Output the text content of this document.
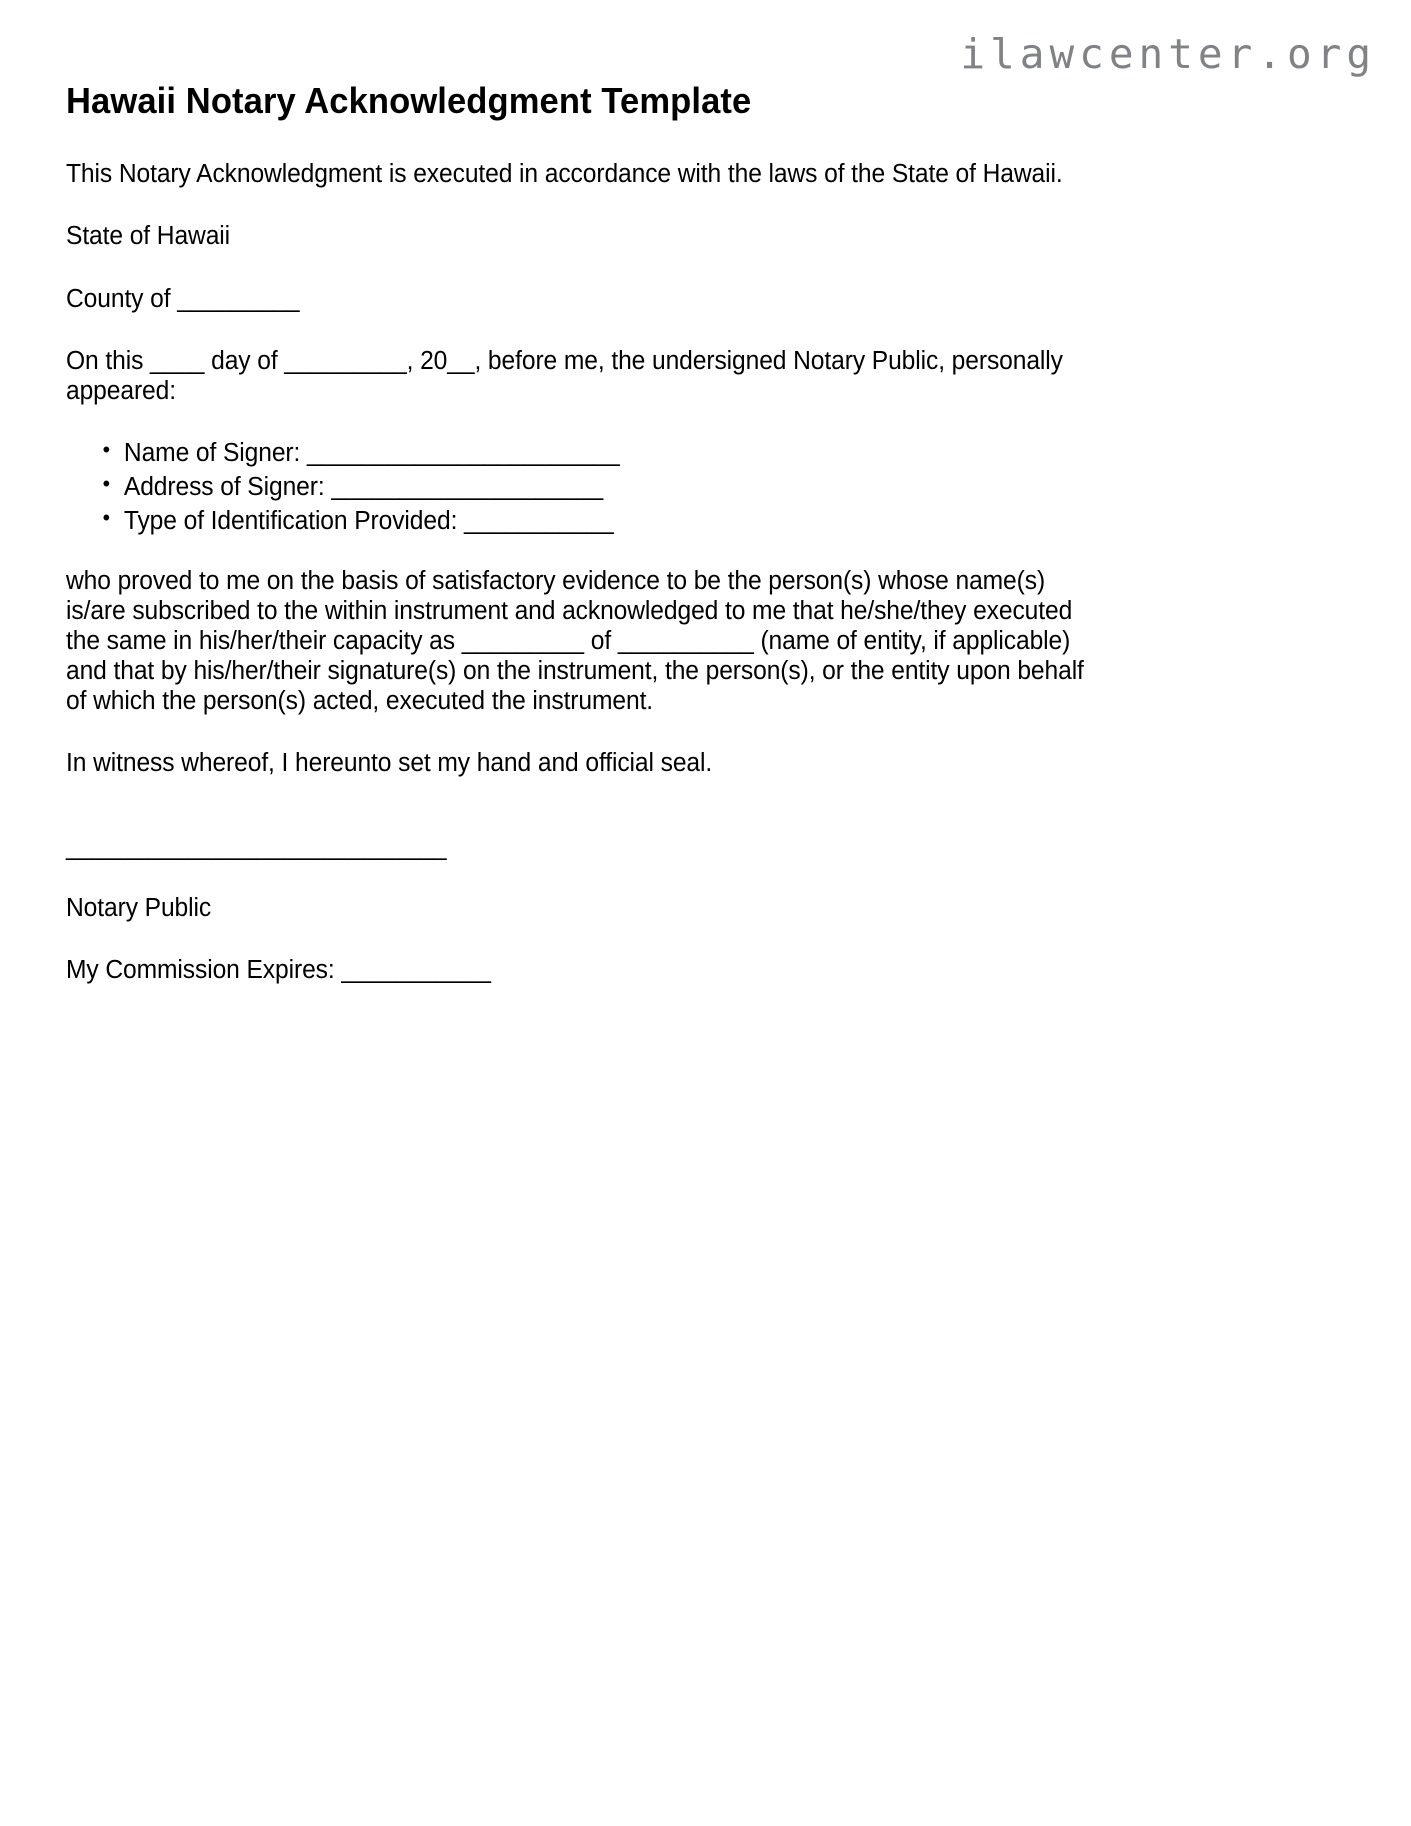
ilawcenter.org
Hawaii Notary Acknowledgment Template

This Notary Acknowledgment is executed in accordance with the laws of the State of Hawaii.

State of Hawaii

County of _________

On this ____ day of _________, 20__, before me, the undersigned Notary Public, personally appeared:

• Name of Signer: _______________________
• Address of Signer: ____________________
• Type of Identification Provided: ___________

who proved to me on the basis of satisfactory evidence to be the person(s) whose name(s) is/are subscribed to the within instrument and acknowledged to me that he/she/they executed the same in his/her/their capacity as _________ of __________ (name of entity, if applicable) and that by his/her/their signature(s) on the instrument, the person(s), or the entity upon behalf of which the person(s) acted, executed the instrument.

In witness whereof, I hereunto set my hand and official seal.

____________________________

Notary Public

My Commission Expires: ___________
